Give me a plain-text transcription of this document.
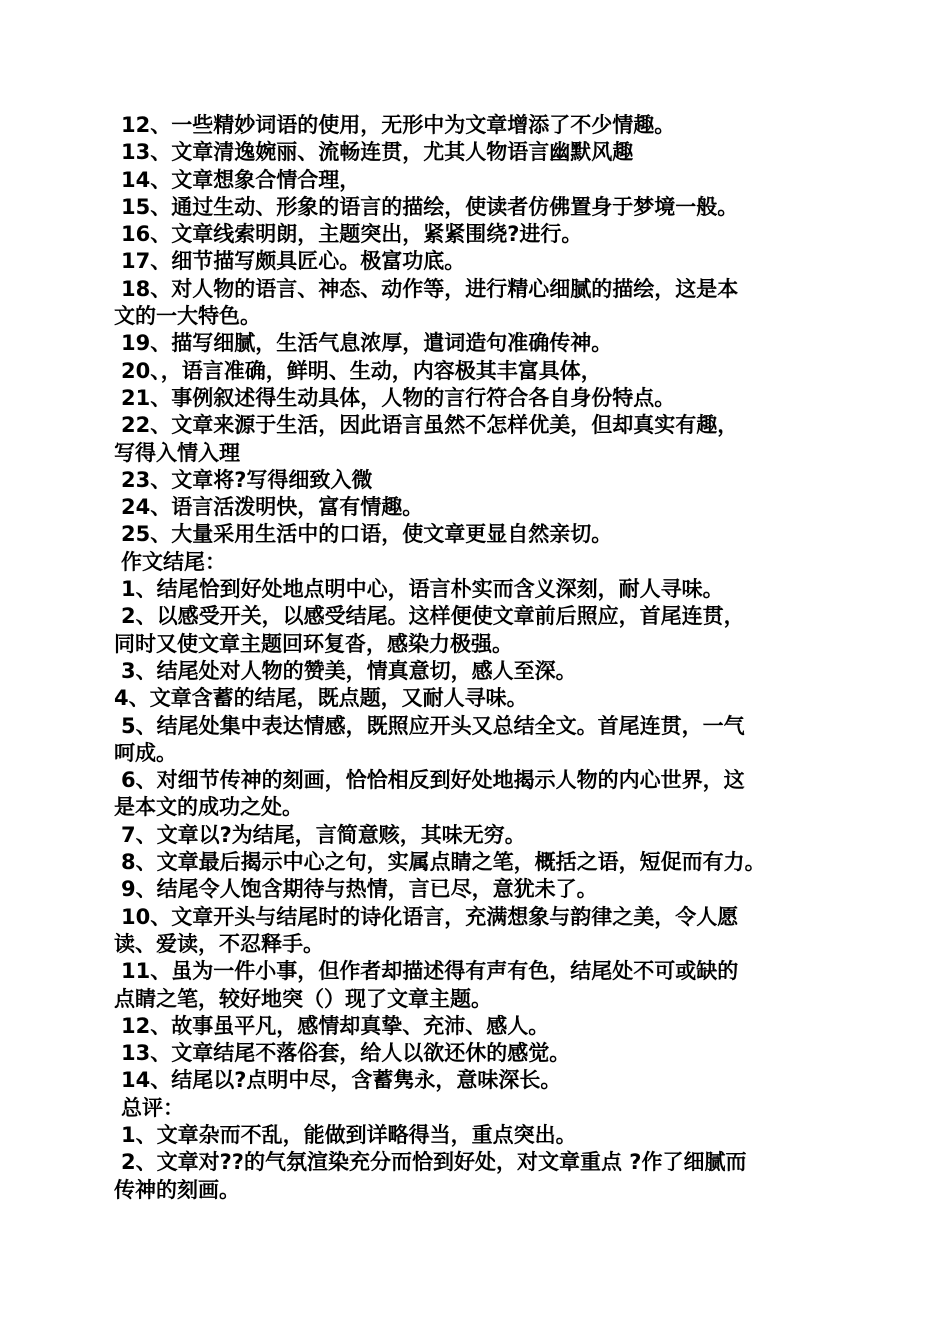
12、一些精妙词语的使用，无形中为文章增添了不少情趣。
13、文章清逸婉丽、流畅连贯，尤其人物语言幽默风趣
14、文章想象合情合理，
15、通过生动、形象的语言的描绘，使读者仿佛置身于梦境一般。
16、文章线索明朗，主题突出，紧紧围绕?进行。
17、细节描写颇具匠心。极富功底。
18、对人物的语言、神态、动作等，进行精心细腻的描绘，这是本
文的一大特色。
19、描写细腻，生活气息浓厚，遣词造句准确传神。
20、，语言准确，鲜明、生动，内容极其丰富具体，
21、事例叙述得生动具体，人物的言行符合各自身份特点。
22、文章来源于生活，因此语言虽然不怎样优美，但却真实有趣，
写得入情入理
23、文章将?写得细致入微
24、语言活泼明快，富有情趣。
25、大量采用生活中的口语，使文章更显自然亲切。
作文结尾：
1、结尾恰到好处地点明中心，语言朴实而含义深刻，耐人寻味。
2、以感受开关，以感受结尾。这样便使文章前后照应，首尾连贯，
同时又使文章主题回环复沓，感染力极强。
3、结尾处对人物的赞美，情真意切，感人至深。
4、文章含蓄的结尾，既点题，又耐人寻味。
5、结尾处集中表达情感，既照应开头又总结全文。首尾连贯，一气
呵成。
6、对细节传神的刻画，恰恰相反到好处地揭示人物的内心世界，这
是本文的成功之处。
7、文章以?为结尾，言简意赅，其味无穷。
8、文章最后揭示中心之句，实属点睛之笔，概括之语，短促而有力。
9、结尾令人饱含期待与热情，言已尽，意犹未了。
10、文章开头与结尾时的诗化语言，充满想象与韵律之美，令人愿
读、爱读，不忍释手。
11、虽为一件小事，但作者却描述得有声有色，结尾处不可或缺的
点睛之笔，较好地突（）现了文章主题。
12、故事虽平凡，感情却真挚、充沛、感人。
13、文章结尾不落俗套，给人以欲还休的感觉。
14、结尾以?点明中尽，含蓄隽永，意味深长。
总评：
1、文章杂而不乱，能做到详略得当，重点突出。
2、文章对??的气氛渲染充分而恰到好处，对文章重点 ?作了细腻而
传神的刻画。
